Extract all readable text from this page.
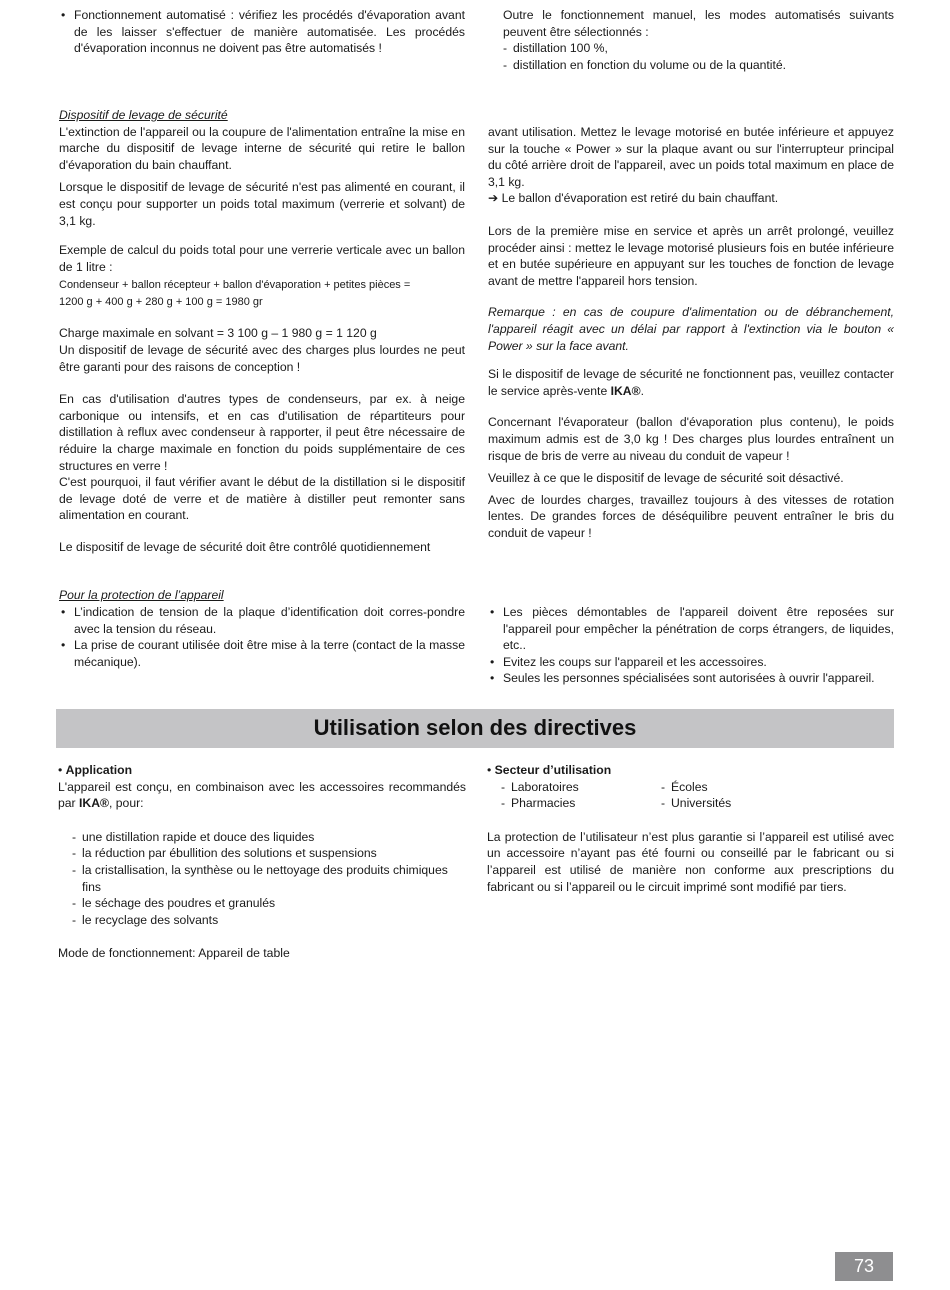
• Fonctionnement automatisé : vérifiez les procédés d'évaporation avant de les laisser s'effectuer de manière automatisée. Les procédés d'évaporation inconnus ne doivent pas être automatisés !

Outre le fonctionnement manuel, les modes automatisés suivants peuvent être sélectionnés :

- distillation 100 %,
- distillation en fonction du volume ou de la quantité.

Dispositif de levage de sécurité

L'extinction de l'appareil ou la coupure de l'alimentation entraîne la mise en marche du dispositif de levage interne de sécurité qui retire le ballon d'évaporation du bain chauffant.

Lorsque le dispositif de levage de sécurité n'est pas alimenté en courant, il est conçu pour supporter un poids total maximum (verrerie et solvant) de 3,1 kg.

Exemple de calcul du poids total pour une verrerie verticale avec un ballon de 1 litre :

Condenseur + ballon récepteur + ballon d'évaporation + petites pièces =

1200 g + 400 g + 280 g + 100 g = 1980 gr

Charge maximale en solvant = 3 100 g – 1 980 g = 1 120 g

Un dispositif de levage de sécurité avec des charges plus lourdes ne peut être garanti pour des raisons de conception !

En cas d'utilisation d'autres types de condenseurs, par ex. à neige carbonique ou intensifs, et en cas d'utilisation de répartiteurs pour distillation à reflux avec condenseur à rapporter, il peut être nécessaire de réduire la charge maximale en fonction du poids supplémentaire de ces structures en verre !

C'est pourquoi, il faut vérifier avant le début de la distillation si le dispositif de levage doté de verre et de matière à distiller peut remonter sans alimentation en courant.

Le dispositif de levage de sécurité doit être contrôlé quotidiennement

avant utilisation. Mettez le levage motorisé en butée inférieure et appuyez sur la touche « Power » sur la plaque avant ou sur l'interrupteur principal du côté arrière droit de l'appareil, avec un poids total maximum en place de 3,1 kg.

➔ Le ballon d'évaporation est retiré du bain chauffant.

Lors de la première mise en service et après un arrêt prolongé, veuillez procéder ainsi : mettez le levage motorisé plusieurs fois en butée inférieure et en butée supérieure en appuyant sur les touches de fonction de levage avant de mettre l'appareil hors tension.

Remarque : en cas de coupure d'alimentation ou de débranchement, l'appareil réagit avec un délai par rapport à l'extinction via le bouton « Power » sur la face avant.

Si le dispositif de levage de sécurité ne fonctionnent pas, veuillez contacter le service après-vente IKA®.

Concernant l'évaporateur (ballon d'évaporation plus contenu), le poids maximum admis est de 3,0 kg ! Des charges plus lourdes entraînent un risque de bris de verre au niveau du conduit de vapeur !

Veuillez à ce que le dispositif de levage de sécurité soit désactivé.

Avec de lourdes charges, travaillez toujours à des vitesses de rotation lentes. De grandes forces de déséquilibre peuvent entraîner le bris du conduit de vapeur !

Pour la protection de l’appareil

• L’indication de tension de la plaque d’identification doit corres-pondre avec la tension du réseau.
• La prise de courant utilisée doit être mise à la terre (contact de la masse mécanique).
• Les pièces démontables de l'appareil doivent être reposées sur l'appareil pour empêcher la pénétration de corps étrangers, de liquides, etc..
• Evitez les coups sur l'appareil et les accessoires.
• Seules les personnes spécialisées sont autorisées à ouvrir l'appareil.
Utilisation selon des directives

• Application

L'appareil est conçu, en combinaison avec les accessoires recommandés par IKA®, pour:

- une distillation rapide et douce des liquides
- la réduction par ébullition des solutions et suspensions
- la cristallisation, la synthèse ou le nettoyage des produits chimiques fins
- le séchage des poudres et granulés
- le recyclage des solvants

Mode de fonctionnement: Appareil de table

• Secteur d’utilisation

- Laboratoires
- Pharmacies
- Écoles
- Universités

La protection de l’utilisateur n’est plus garantie si l’appareil est utilisé avec un accessoire n’ayant pas été fourni ou conseillé par le fabricant ou si l’appareil est utilisé de manière non conforme aux prescriptions du fabricant ou si l’appareil ou le circuit imprimé sont modifié par tiers.

73
